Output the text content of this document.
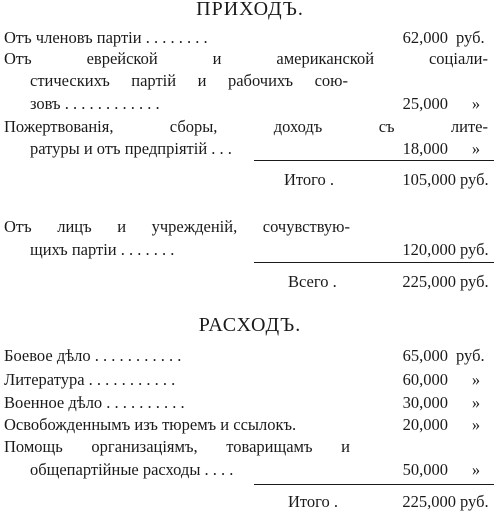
ПРИХОДЪ.
Отъ членовъ партіи . . . . . . . .	62,000 руб.
Отъ еврейской и американской соціали-
стическихъ партій и рабочихъ сою-
зовъ . . . . . . . . . . . .	25,000	»
Пожертвованія, сборы, доходъ съ лите-
ратуры и отъ предпріятій . . .	18,000	»
Итого .	105,000 руб.
Отъ лицъ и учрежденій, сочувствую-
щихъ партіи . . . . . . .	120,000 руб.
Всего .	225,000 руб.
РАСХОДЪ.
Боевое дѣло . . . . . . . . . . .	65,000 руб.
Литература . . . . . . . . . . .	60,000	»
Военное дѣло . . . . . . . . . .	30,000	»
Освобожденнымъ изъ тюремъ и ссылокъ.	20,000	»
Помощь организаціямъ, товарищамъ и
общепартійные расходы . . . .	50,000	»
Итого .	225,000 руб.
